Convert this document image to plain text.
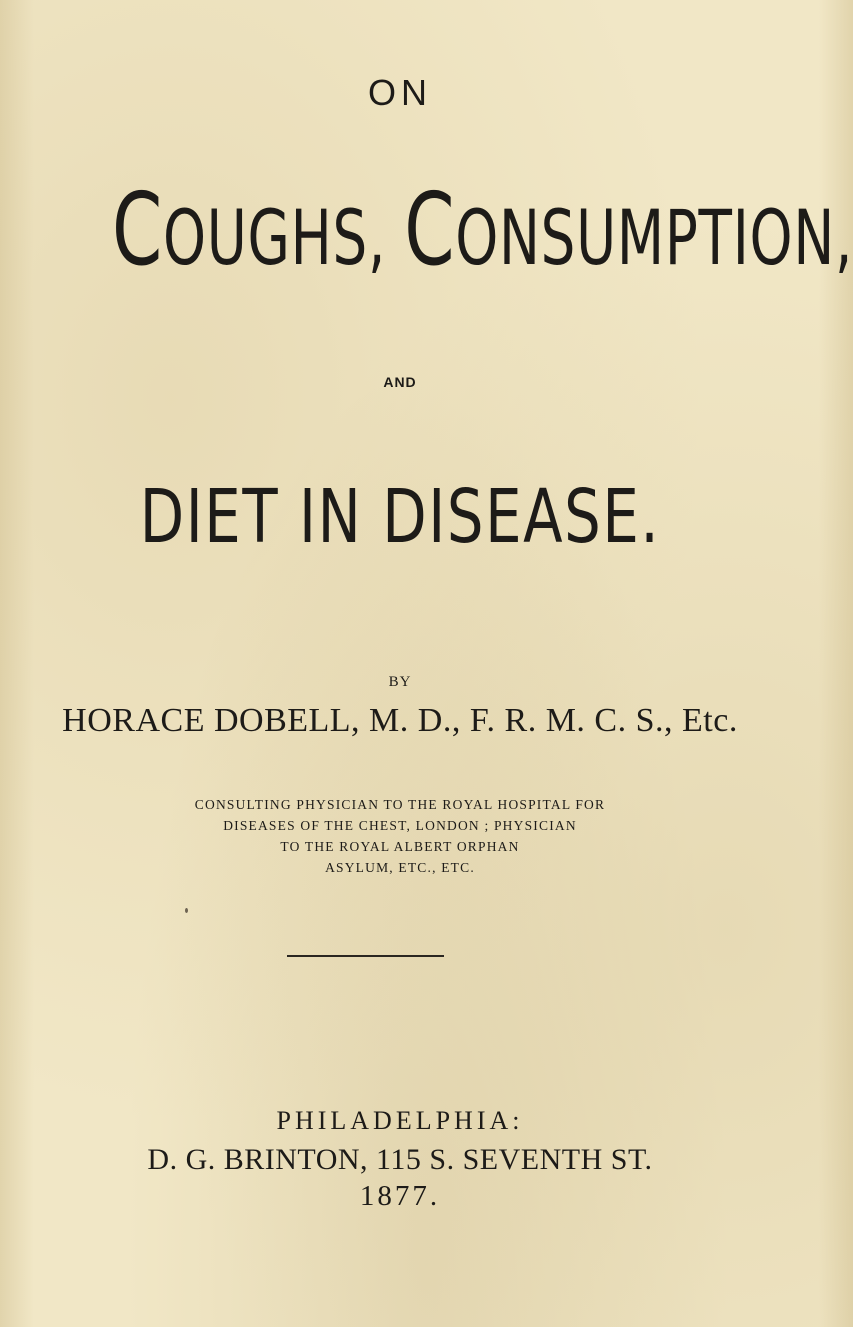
ON
COUGHS, CONSUMPTION,
AND
DIET IN DISEASE.
BY
HORACE DOBELL, M. D., F. R. M. C. S., Etc.
CONSULTING PHYSICIAN TO THE ROYAL HOSPITAL FOR
DISEASES OF THE CHEST, LONDON ; PHYSICIAN
TO THE ROYAL ALBERT ORPHAN
ASYLUM, ETC., ETC.
PHILADELPHIA:
D. G. BRINTON, 115 S. SEVENTH ST.
1877.
